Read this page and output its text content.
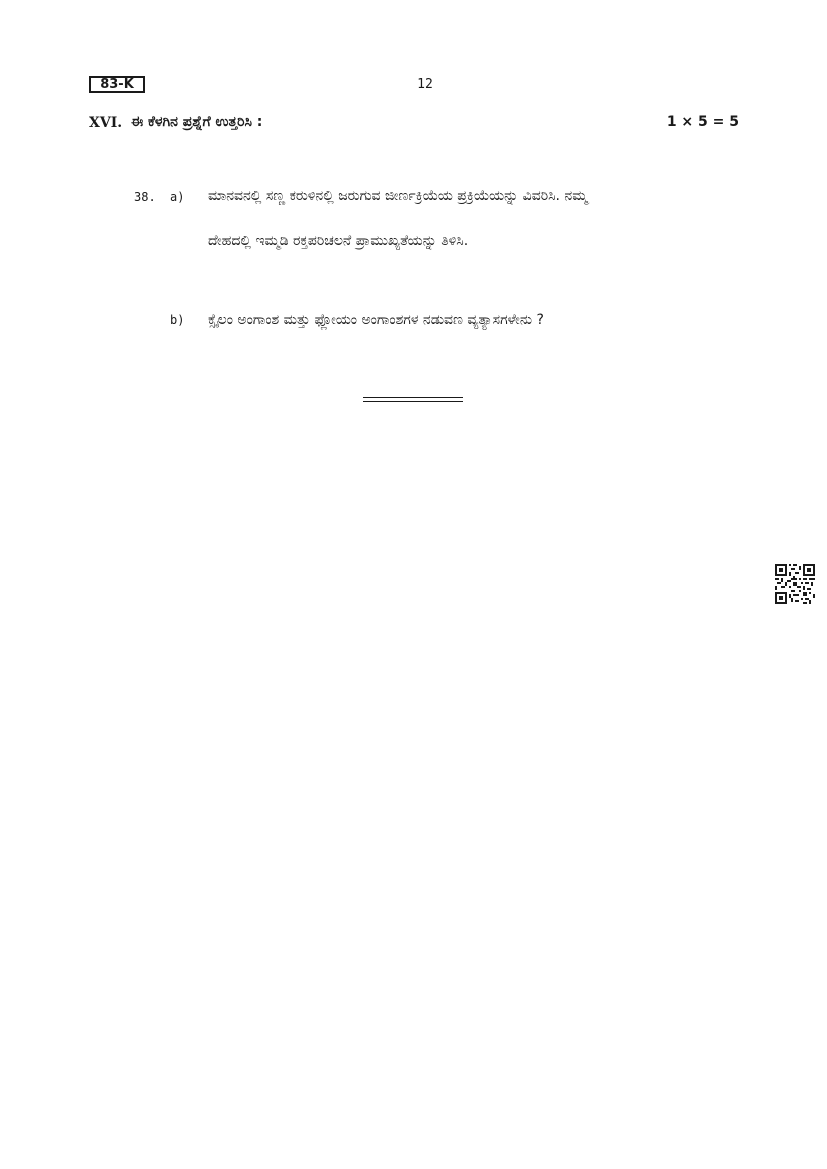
83-K	12
XVI. ಈ ಕೆಳಗಿನ ಪ್ರಶ್ನೆಗೆ ಉತ್ತರಿಸಿ :	1 × 5 = 5
38. a) ಮಾನವನಲ್ಲಿ ಸಣ್ಣ ಕರುಳಿನಲ್ಲಿ ಜರುಗುವ ಜೀರ್ಣಕ್ರಿಯೆಯ ಪ್ರಕ್ರಿಯೆಯನ್ನು ವಿವರಿಸಿ. ನಮ್ಮ
ದೇಹದಲ್ಲಿ ಇಮ್ಮಡಿ ರಕ್ತಪರಿಚಲನೆ ಪ್ರಾಮುಖ್ಯತೆಯನ್ನು ತಿಳಿಸಿ.
b) ಕ್ಸೈಲಂ ಅಂಗಾಂಶ ಮತ್ತು ಫ್ಲೋಯಂ ಅಂಗಾಂಶಗಳ ನಡುವಣ ವ್ಯತ್ಯಾಸಗಳೇನು ?
